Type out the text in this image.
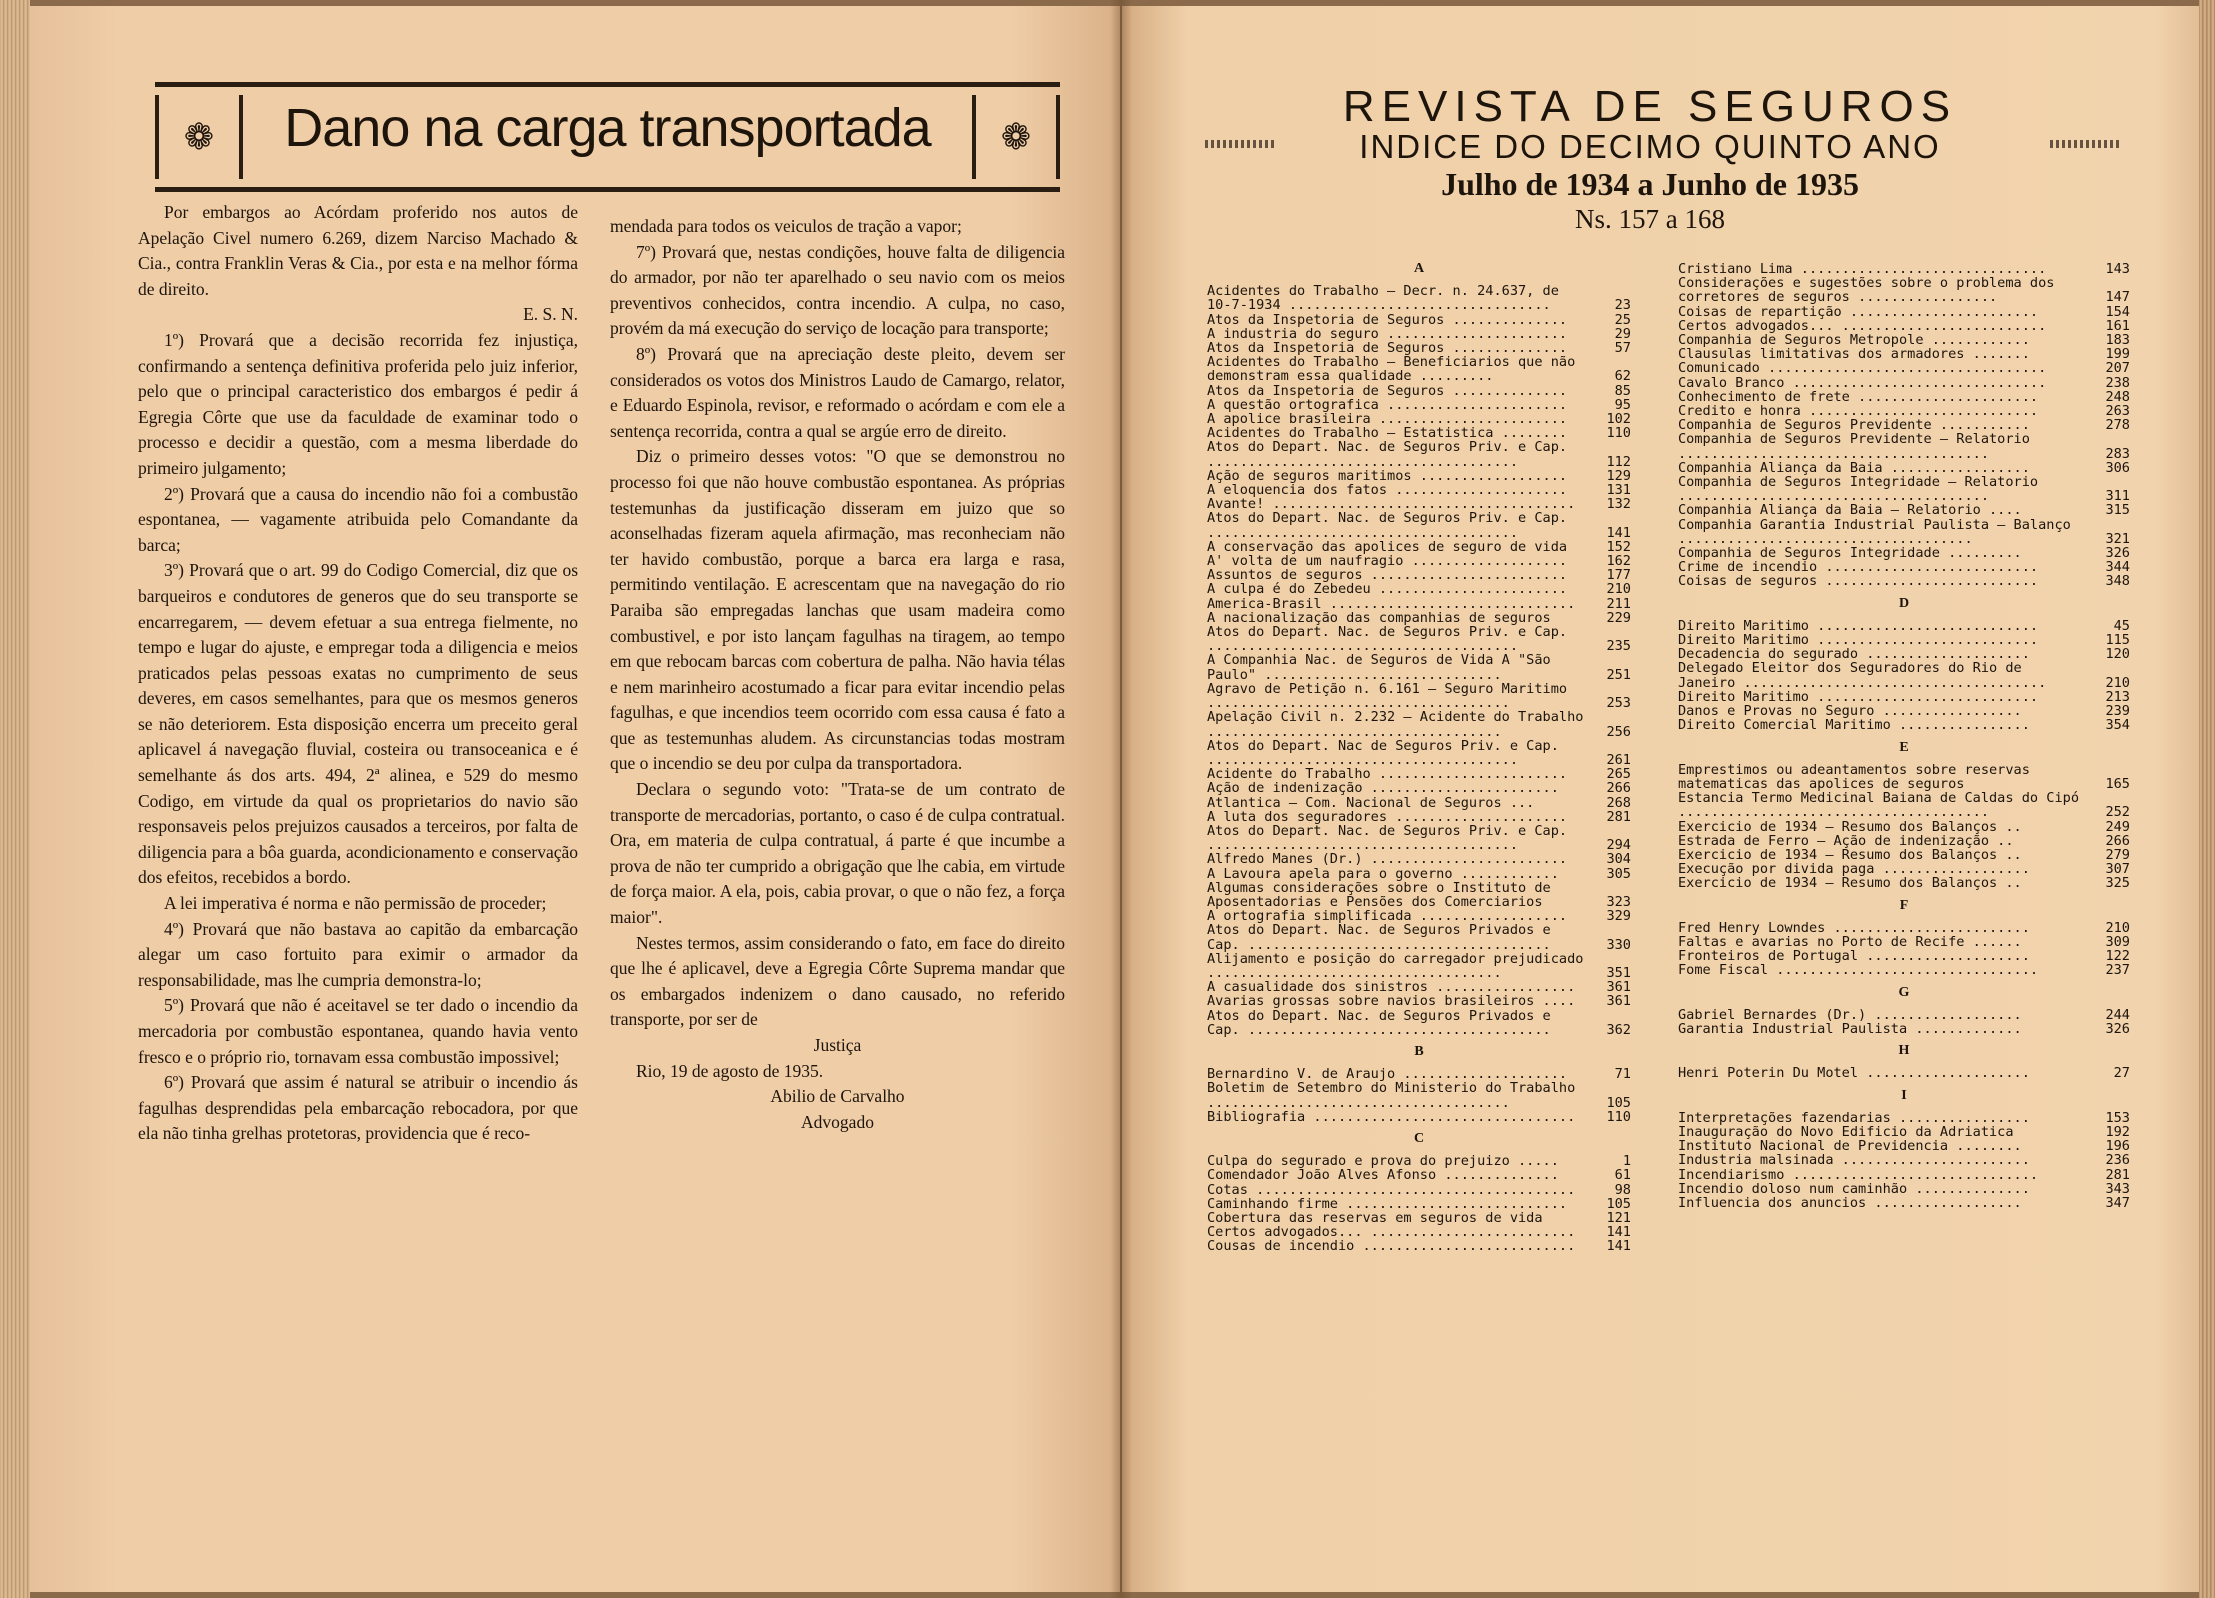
❁	Dano na carga transportada	❁

Por embargos ao Acórdam proferido nos autos de Apelação Civel numero 6.269, dizem Narciso Machado & Cia., contra Franklin Veras & Cia., por esta e na melhor fórma de direito.

E. S. N.

1º) Provará que a decisão recorrida fez injustiça, confirmando a sentença definitiva proferida pelo juiz inferior, pelo que o principal caracteristico dos embargos é pedir á Egregia Côrte que use da faculdade de examinar todo o processo e decidir a questão, com a mesma liberdade do primeiro julgamento;

2º) Provará que a causa do incendio não foi a combustão espontanea, — vagamente atribuida pelo Comandante da barca;

3º) Provará que o art. 99 do Codigo Comercial, diz que os barqueiros e condutores de generos que do seu transporte se encarregarem, — devem efetuar a sua entrega fielmente, no tempo e lugar do ajuste, e empregar toda a diligencia e meios praticados pelas pessoas exatas no cumprimento de seus deveres, em casos semelhantes, para que os mesmos generos se não deteriorem. Esta disposição encerra um preceito geral aplicavel á navegação fluvial, costeira ou transoceanica e é semelhante ás dos arts. 494, 2ª alinea, e 529 do mesmo Codigo, em virtude da qual os proprietarios do navio são responsaveis pelos prejuizos causados a terceiros, por falta de diligencia para a bôa guarda, acondicionamento e conservação dos efeitos, recebidos a bordo.

A lei imperativa é norma e não permissão de proceder;

4º) Provará que não bastava ao capitão da embarcação alegar um caso fortuito para eximir o armador da responsabilidade, mas lhe cumpria demonstra-lo;

5º) Provará que não é aceitavel se ter dado o incendio da mercadoria por combustão espontanea, quando havia vento fresco e o próprio rio, tornavam essa combustão impossivel;

6º) Provará que assim é natural se atribuir o incendio ás fagulhas desprendidas pela embarcação rebocadora, por que ela não tinha grelhas protetoras, providencia que é reco-

mendada para todos os veiculos de tração a vapor;

7º) Provará que, nestas condições, houve falta de diligencia do armador, por não ter aparelhado o seu navio com os meios preventivos conhecidos, contra incendio. A culpa, no caso, provém da má execução do serviço de locação para transporte;

8º) Provará que na apreciação deste pleito, devem ser considerados os votos dos Ministros Laudo de Camargo, relator, e Eduardo Espinola, revisor, e reformado o acórdam e com ele a sentença recorrida, contra a qual se argúe erro de direito.

Diz o primeiro desses votos: "O que se demonstrou no processo foi que não houve combustão espontanea. As próprias testemunhas da justificação disseram em juizo que so aconselhadas fizeram aquela afirmação, mas reconheciam não ter havido combustão, porque a barca era larga e rasa, permitindo ventilação. E acrescentam que na navegação do rio Paraiba são empregadas lanchas que usam madeira como combustivel, e por isto lançam fagulhas na tiragem, ao tempo em que rebocam barcas com cobertura de palha. Não havia télas e nem marinheiro acostumado a ficar para evitar incendio pelas fagulhas, e que incendios teem ocorrido com essa causa é fato a que as testemunhas aludem. As circunstancias todas mostram que o incendio se deu por culpa da transportadora.

Declara o segundo voto: "Trata-se de um contrato de transporte de mercadorias, portanto, o caso é de culpa contratual. Ora, em materia de culpa contratual, á parte é que incumbe a prova de não ter cumprido a obrigação que lhe cabia, em virtude de força maior. A ela, pois, cabia provar, o que o não fez, a força maior".

Nestes termos, assim considerando o fato, em face do direito que lhe é aplicavel, deve a Egregia Côrte Suprema mandar que os embargados indenizem o dano causado, no referido transporte, por ser de

Justiça

Rio, 19 de agosto de 1935.

Abilio de Carvalho

Advogado

REVISTA DE SEGUROS
INDICE DO DECIMO QUINTO ANO
Julho de 1934 a Junho de 1935
Ns. 157 a 168
A
Acidentes do Trabalho — Decr. n. 24.637, de 10-7-1934 ................................	23
Atos da Inspetoria de Seguros ..............	25
A industria do seguro ......................	29
Atos da Inspetoria de Seguros ..............	57
Acidentes do Trabalho — Beneficiarios que não demonstram essa qualidade .........	62
Atos da Inspetoria de Seguros ..............	85
A questão ortografica ......................	95
A apolice brasileira .......................	102
Acidentes do Trabalho — Estatistica ........	110
Atos do Depart. Nac. de Seguros Priv. e Cap. ......................................	112
Ação de seguros maritimos ..................	129
A eloquencia dos fatos .....................	131
Avante! .....................................	132
Atos do Depart. Nac. de Seguros Priv. e Cap. ......................................	141
A conservação das apolices de seguro de vida	152
A' volta de um naufragio ...................	162
Assuntos de seguros ........................	177
A culpa é do Zebedeu .......................	210
America-Brasil ..............................	211
A nacionalização das companhias de seguros	229
Atos do Depart. Nac. de Seguros Priv. e Cap. ......................................	235
A Companhia Nac. de Seguros de Vida A "São Paulo" .............................	251
Agravo de Petição n. 6.161 — Seguro Maritimo .....................................	253
Apelação Civil n. 2.232 — Acidente do Trabalho ....................................	256
Atos do Depart. Nac de Seguros Priv. e Cap. ......................................	261
Acidente do Trabalho .......................	265
Ação de indenização .......................	266
Atlantica — Com. Nacional de Seguros ...	268
A luta dos seguradores .....................	281
Atos do Depart. Nac. de Seguros Priv. e Cap. ......................................	294
Alfredo Manes (Dr.) ........................	304
A Lavoura apela para o governo ............	305
Algumas considerações sobre o Instituto de Aposentadorias e Pensões dos Comerciarios	323
A ortografia simplificada ..................	329
Atos do Depart. Nac. de Seguros Privados e Cap. .....................................	330
Alijamento e posição do carregador prejudicado ....................................	351
A casualidade dos sinistros .................	361
Avarias grossas sobre navios brasileiros ....	361
Atos do Depart. Nac. de Seguros Privados e Cap. .....................................	362
B
Bernardino V. de Araujo ....................	71
Boletim de Setembro do Ministerio do Trabalho .....................................	105
Bibliografia ................................	110
C
Culpa do segurado e prova do prejuizo .....	1
Comendador João Alves Afonso ..............	61
Cotas .......................................	98
Caminhando firme ...........................	105
Cobertura das reservas em seguros de vida	121
Certos advogados... .........................	141
Cousas de incendio ..........................	141
Cristiano Lima ..............................	143
Considerações e sugestões sobre o problema dos corretores de seguros .................	147
Coisas de repartição .......................	154
Certos advogados... .........................	161
Companhia de Seguros Metropole ............	183
Clausulas limitativas dos armadores .......	199
Comunicado ..................................	207
Cavalo Branco ...............................	238
Conhecimento de frete ......................	248
Credito e honra ............................	263
Companhia de Seguros Previdente ...........	278
Companhia de Seguros Previdente — Relatorio ......................................	283
Companhia Aliança da Baia .................	306
Companhia de Seguros Integridade — Relatorio ......................................	311
Companhia Aliança da Baia — Relatorio ....	315
Companhia Garantia Industrial Paulista — Balanço ....................................	321
Companhia de Seguros Integridade .........	326
Crime de incendio ..........................	344
Coisas de seguros ..........................	348
D
Direito Maritimo ...........................	45
Direito Maritimo ...........................	115
Decadencia do segurado ....................	120
Delegado Eleitor dos Seguradores do Rio de Janeiro .....................................	210
Direito Maritimo ...........................	213
Danos e Provas no Seguro .................	239
Direito Comercial Maritimo ................	354
E
Emprestimos ou adeantamentos sobre reservas matematicas das apolices de seguros	165
Estancia Termo Medicinal Baiana de Caldas do Cipó ......................................	252
Exercicio de 1934 — Resumo dos Balanços ..	249
Estrada de Ferro — Ação de indenização ..	266
Exercicio de 1934 — Resumo dos Balanços ..	279
Execução por divida paga ..................	307
Exercicio de 1934 — Resumo dos Balanços ..	325
F
Fred Henry Lowndes ........................	210
Faltas e avarias no Porto de Recife ......	309
Fronteiros de Portugal ....................	122
Fome Fiscal ................................	237
G
Gabriel Bernardes (Dr.) ..................	244
Garantia Industrial Paulista .............	326
H
Henri Poterin Du Motel ....................	27
I
Interpretações fazendarias ................	153
Inauguração do Novo Edificio da Adriatica	192
Instituto Nacional de Previdencia ........	196
Industria malsinada .......................	236
Incendiarismo ..............................	281
Incendio doloso num caminhão ..............	343
Influencia dos anuncios ..................	347
